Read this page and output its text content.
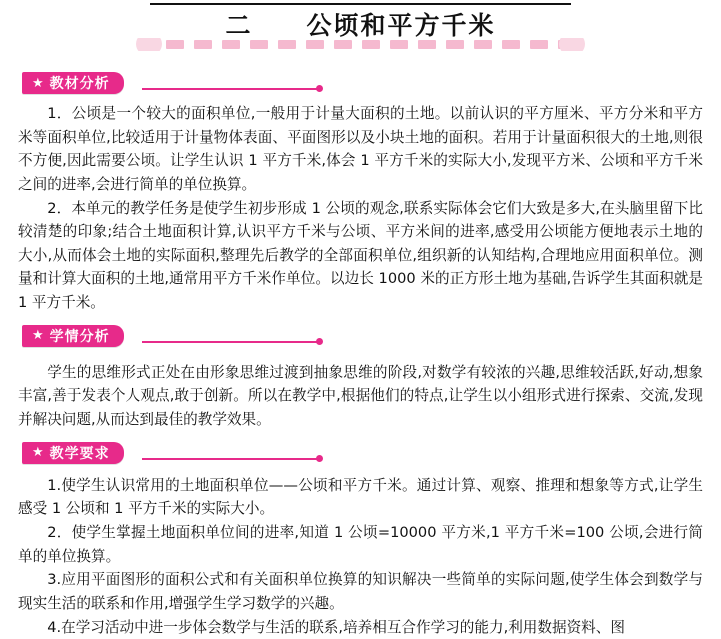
二　　公顷和平方千米
★ 教材分析

1．公顷是一个较大的面积单位,一般用于计量大面积的土地。以前认识的平方厘米、平方分米和平方米等面积单位,比较适用于计量物体表面、平面图形以及小块土地的面积。若用于计量面积很大的土地,则很不方便,因此需要公顷。让学生认识 1 平方千米,体会 1 平方千米的实际大小,发现平方米、公顷和平方千米之间的进率,会进行简单的单位换算。

2．本单元的教学任务是使学生初步形成 1 公顷的观念,联系实际体会它们大致是多大,在头脑里留下比较清楚的印象;结合土地面积计算,认识平方千米与公顷、平方米间的进率,感受用公顷能方便地表示土地的大小,从而体会土地的实际面积,整理先后教学的全部面积单位,组织新的认知结构,合理地应用面积单位。测量和计算大面积的土地,通常用平方千米作单位。以边长 1000 米的正方形土地为基础,告诉学生其面积就是 1 平方千米。

★ 学情分析

学生的思维形式正处在由形象思维过渡到抽象思维的阶段,对数学有较浓的兴趣,思维较活跃,好动,想象丰富,善于发表个人观点,敢于创新。所以在教学中,根据他们的特点,让学生以小组形式进行探索、交流,发现并解决问题,从而达到最佳的教学效果。

★ 教学要求

1.使学生认识常用的土地面积单位——公顷和平方千米。通过计算、观察、推理和想象等方式,让学生感受 1 公顷和 1 平方千米的实际大小。

2．使学生掌握土地面积单位间的进率,知道 1 公顷=10000 平方米,1 平方千米=100 公顷,会进行简单的单位换算。

3.应用平面图形的面积公式和有关面积单位换算的知识解决一些简单的实际问题,使学生体会到数学与现实生活的联系和作用,增强学生学习数学的兴趣。

4.在学习活动中进一步体会数学与生活的联系,培养相互合作学习的能力,利用数据资料、图
